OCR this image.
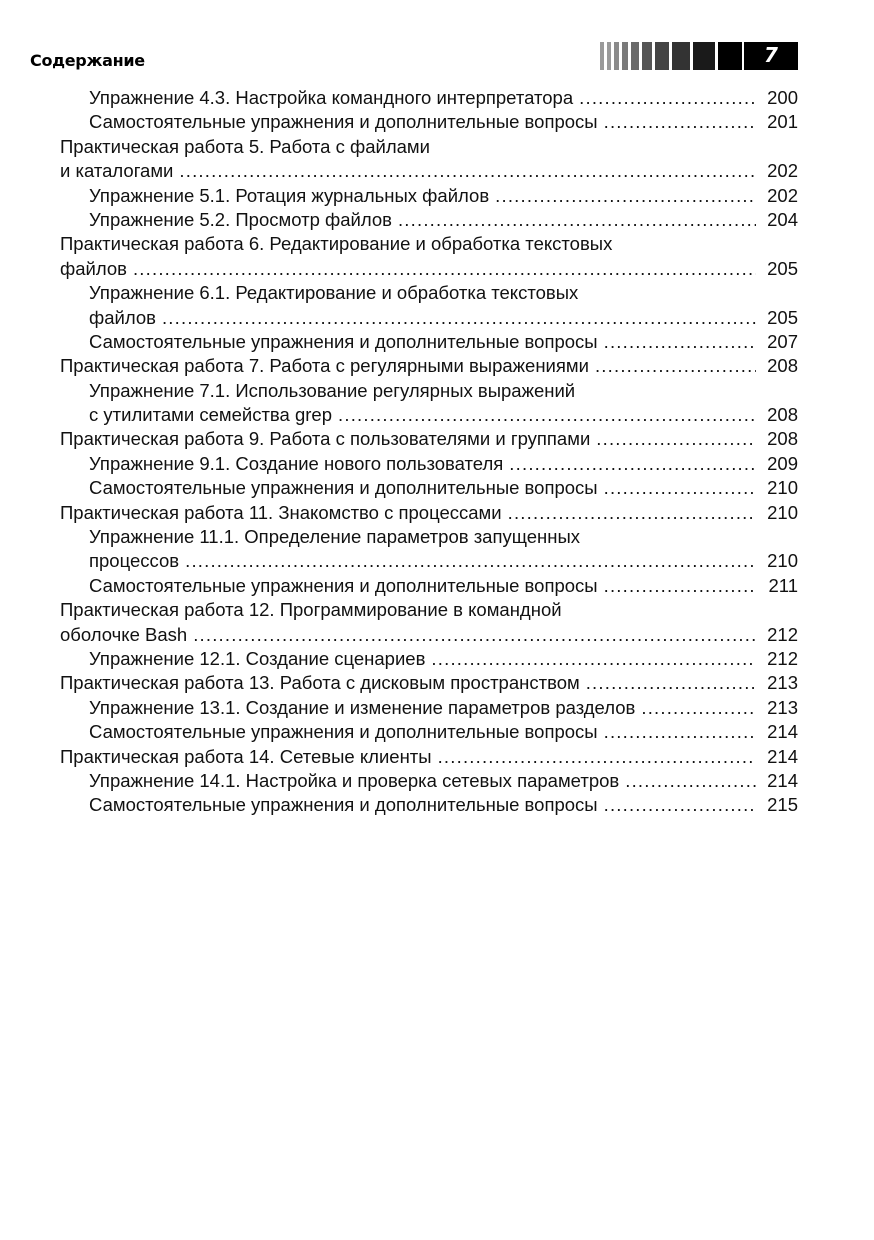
Содержание	7
Упражнение 4.3. Настройка командного интерпретатора .....	200
Самостоятельные упражнения и дополнительные вопросы .....	201
Практическая работа 5. Работа с файлами
и каталогами .....	202
Упражнение 5.1. Ротация журнальных файлов .....	202
Упражнение 5.2. Просмотр файлов .....	204
Практическая работа 6. Редактирование и обработка текстовых
файлов .....	205
Упражнение 6.1. Редактирование и обработка текстовых
файлов .....	205
Самостоятельные упражнения и дополнительные вопросы .....	207
Практическая работа 7. Работа с регулярными выражениями .....	208
Упражнение 7.1. Использование регулярных выражений
с утилитами семейства grep .....	208
Практическая работа 9. Работа с пользователями и группами .....	208
Упражнение 9.1. Создание нового пользователя .....	209
Самостоятельные упражнения и дополнительные вопросы .....	210
Практическая работа 11. Знакомство с процессами .....	210
Упражнение 11.1. Определение параметров запущенных
процессов .....	210
Самостоятельные упражнения и дополнительные вопросы .....	211
Практическая работа 12. Программирование в командной
оболочке Bash .....	212
Упражнение 12.1. Создание сценариев .....	212
Практическая работа 13. Работа с дисковым пространством .....	213
Упражнение 13.1. Создание и изменение параметров разделов .....	213
Самостоятельные упражнения и дополнительные вопросы .....	214
Практическая работа 14. Сетевые клиенты .....	214
Упражнение 14.1. Настройка и проверка сетевых параметров .....	214
Самостоятельные упражнения и дополнительные вопросы .....	215
